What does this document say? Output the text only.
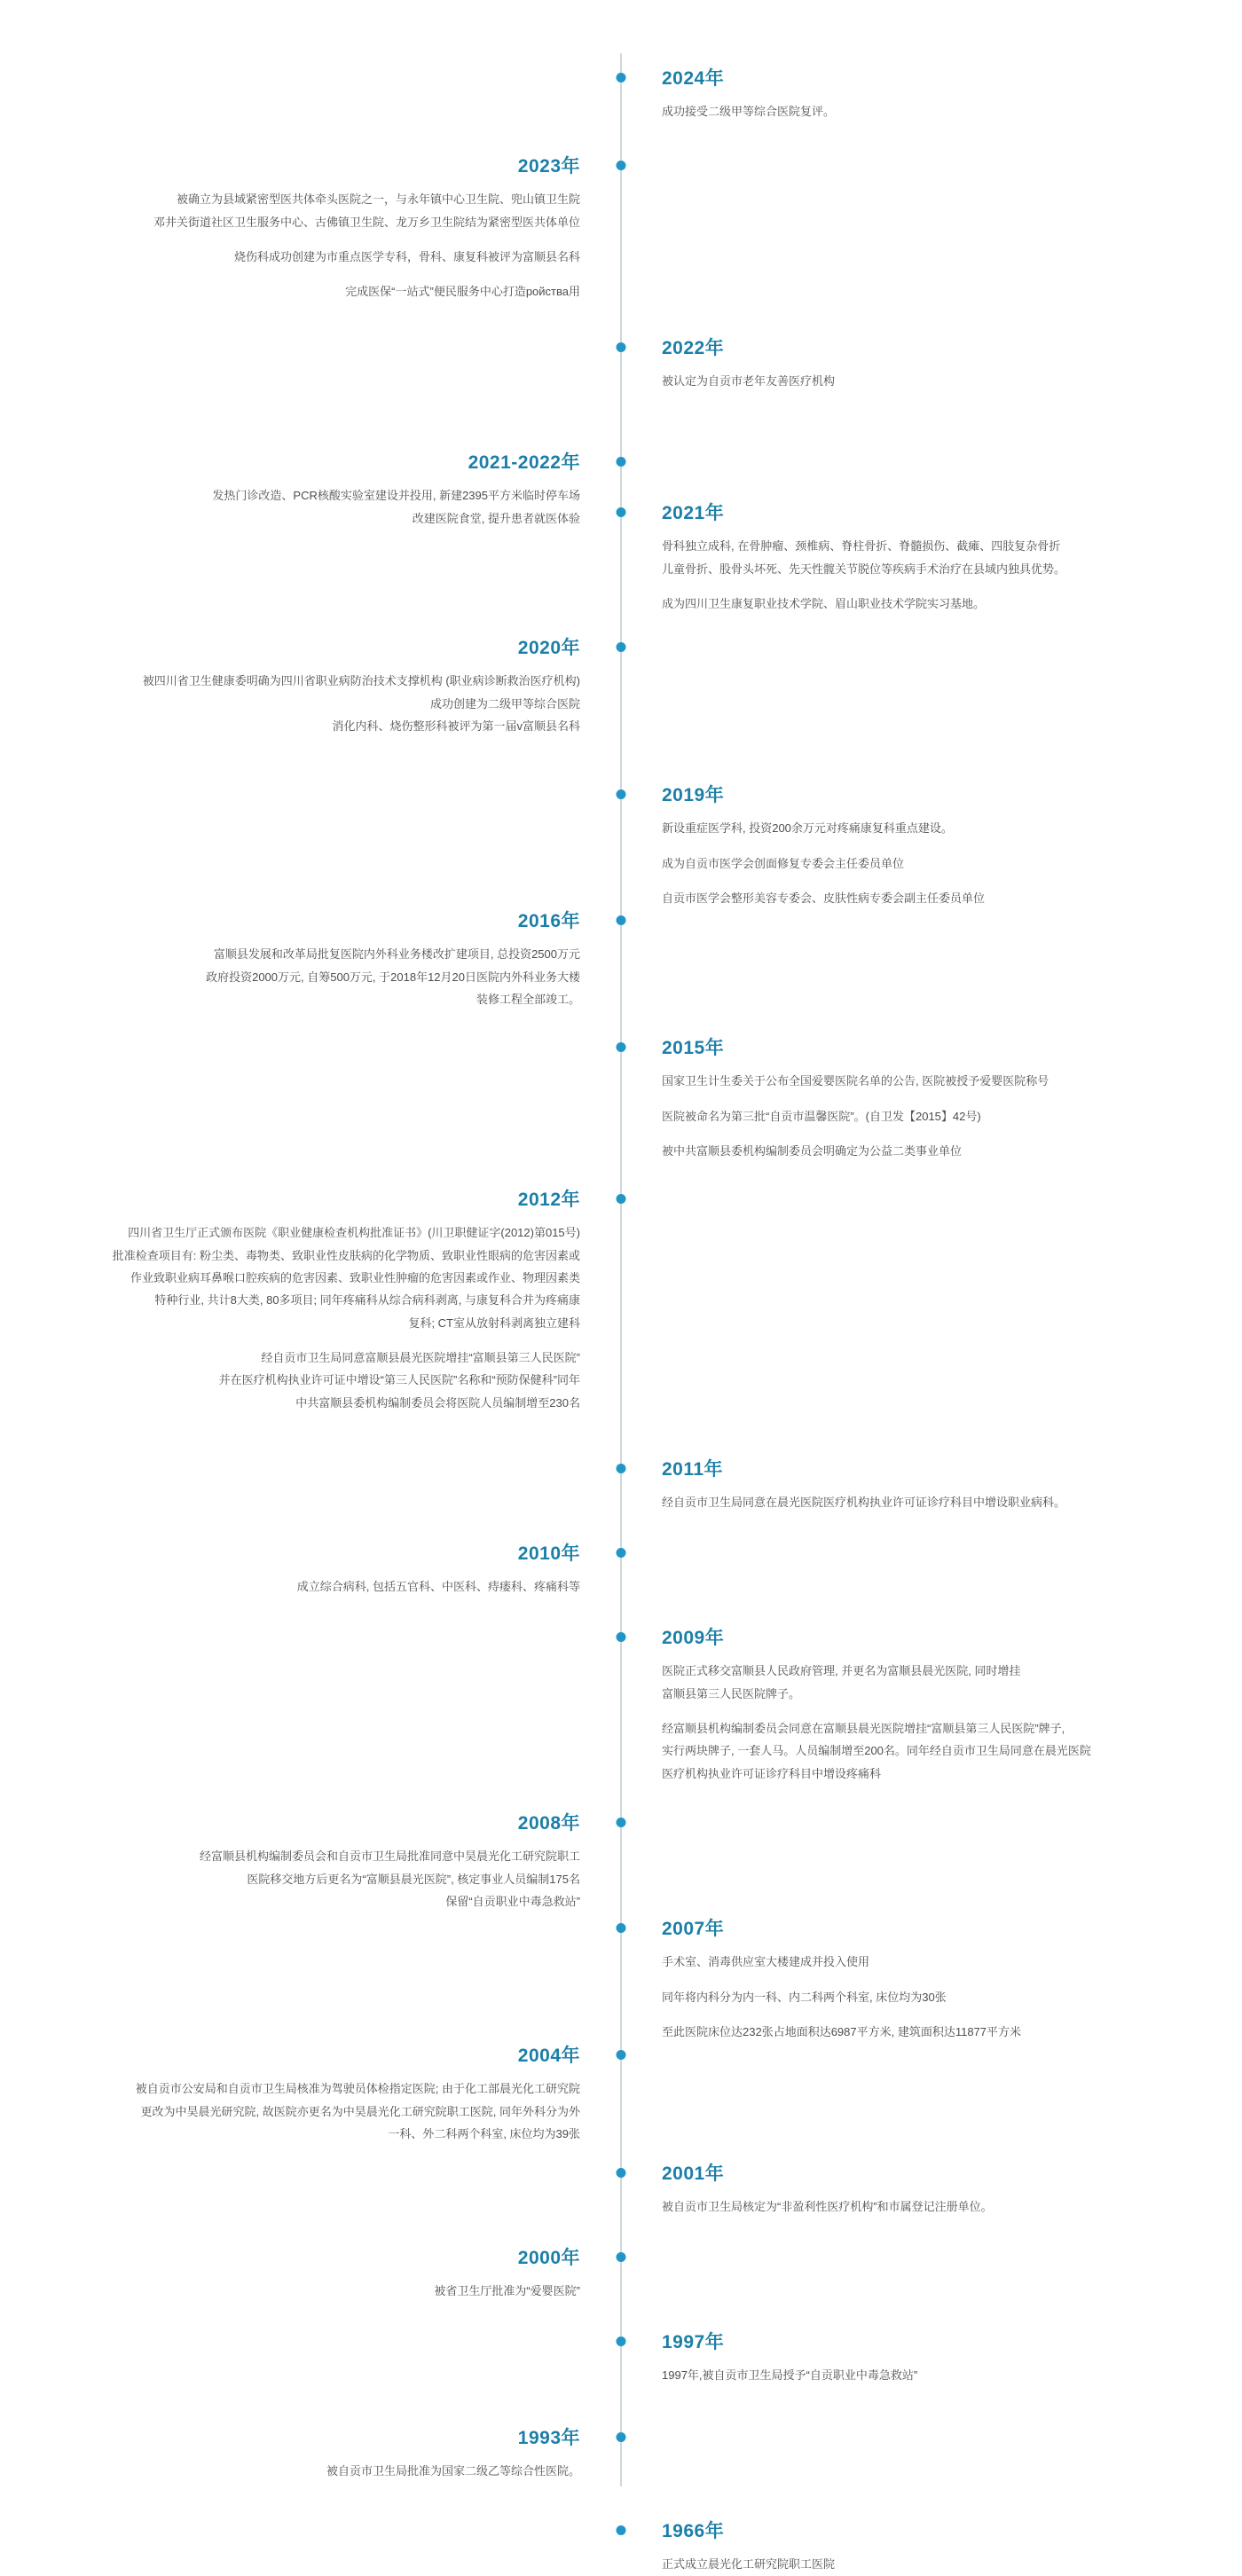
2024年

成功接受二级甲等综合医院复评。

2023年

被确立为县域紧密型医共体牵头医院之一，与永年镇中心卫生院、兜山镇卫生院
邓井关街道社区卫生服务中心、古佛镇卫生院、龙万乡卫生院结为紧密型医共体单位

烧伤科成功创建为市重点医学专科，骨科、康复科被评为富顺县名科

完成医保“一站式”便民服务中心打造ройства用

2022年

被认定为自贡市老年友善医疗机构

2021-2022年

发热门诊改造、PCR核酸实验室建设并投用, 新建2395平方米临时停车场
改建医院食堂, 提升患者就医体验	2021年

骨科独立成科, 在骨肿瘤、颈椎病、脊柱骨折、脊髓损伤、截瘫、四肢复杂骨折
儿童骨折、股骨头坏死、先天性髋关节脱位等疾病手术治疗在县域内独具优势。

成为四川卫生康复职业技术学院、眉山职业技术学院实习基地。

2020年

被四川省卫生健康委明确为四川省职业病防治技术支撑机构 (职业病诊断救治医疗机构)
成功创建为二级甲等综合医院
消化内科、烧伤整形科被评为第一届v富顺县名科

2019年

新设重症医学科, 投资200余万元对疼痛康复科重点建设。

成为自贡市医学会创面修复专委会主任委员单位

自贡市医学会整形美容专委会、皮肤性病专委会副主任委员单位

2016年

富顺县发展和改革局批复医院内外科业务楼改扩建项目, 总投资2500万元
政府投资2000万元, 自筹500万元, 于2018年12月20日医院内外科业务大楼
装修工程全部竣工。

2015年

国家卫生计生委关于公布全国爱婴医院名单的公告, 医院被授予爱婴医院称号

医院被命名为第三批“自贡市温馨医院”。(自卫发【2015】42号)

被中共富顺县委机构编制委员会明确定为公益二类事业单位

2012年

四川省卫生厅正式颁布医院《职业健康检查机构批准证书》(川卫职健证字(2012)第015号)
批准检查项目有: 粉尘类、毒物类、致职业性皮肤病的化学物质、致职业性眼病的危害因素或
作业致职业病耳鼻喉口腔疾病的危害因素、致职业性肿瘤的危害因素或作业、物理因素类
特种行业, 共计8大类, 80多项目; 同年疼痛科从综合病科剥离, 与康复科合并为疼痛康
复科; CT室从放射科剥离独立建科

经自贡市卫生局同意富顺县晨光医院增挂“富顺县第三人民医院”
并在医疗机构执业许可证中增设“第三人民医院”名称和“预防保健科”同年
中共富顺县委机构编制委员会将医院人员编制增至230名

2011年

经自贡市卫生局同意在晨光医院医疗机构执业许可证诊疗科目中增设职业病科。

2010年

成立综合病科, 包括五官科、中医科、痔瘘科、疼痛科等

2009年

医院正式移交富顺县人民政府管理, 并更名为富顺县晨光医院, 同时增挂
富顺县第三人民医院牌子。

经富顺县机构编制委员会同意在富顺县晨光医院增挂“富顺县第三人民医院”牌子,
实行两块牌子, 一套人马。人员编制增至200名。同年经自贡市卫生局同意在晨光医院
医疗机构执业许可证诊疗科目中增设疼痛科

2008年

经富顺县机构编制委员会和自贡市卫生局批准同意中昊晨光化工研究院职工
医院移交地方后更名为“富顺县晨光医院”, 核定事业人员编制175名
保留“自贡职业中毒急救站”

2007年

手术室、消毒供应室大楼建成并投入使用

同年将内科分为内一科、内二科两个科室, 床位均为30张

至此医院床位达232张占地面积达6987平方米, 建筑面积达11877平方米

2004年

被自贡市公安局和自贡市卫生局核准为驾驶员体检指定医院; 由于化工部晨光化工研究院
更改为中昊晨光研究院, 故医院亦更名为中昊晨光化工研究院职工医院, 同年外科分为外
一科、外二科两个科室, 床位均为39张

2001年

被自贡市卫生局核定为“非盈利性医疗机构”和市属登记注册单位。

2000年

被省卫生厅批准为“爱婴医院”

1997年

1997年,被自贡市卫生局授予“自贡职业中毒急救站”

1993年

被自贡市卫生局批准为国家二级乙等综合性医院。

1966年

正式成立晨光化工研究院职工医院
